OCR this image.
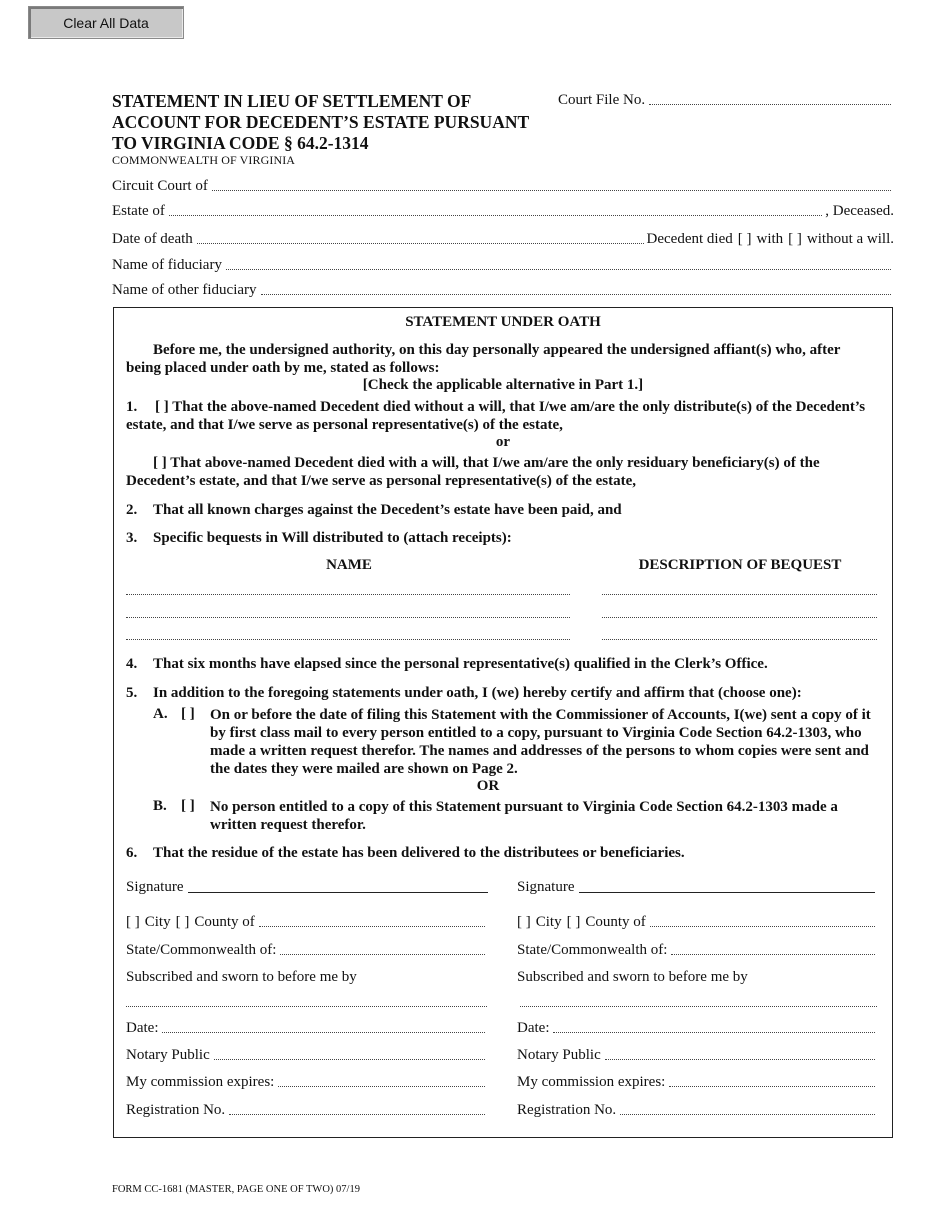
Clear All Data
STATEMENT IN LIEU OF SETTLEMENT OF ACCOUNT FOR DECEDENT’S ESTATE PURSUANT TO VIRGINIA CODE § 64.2-1314
COMMONWEALTH OF VIRGINIA
Court File No.
Circuit Court of
Estate of	, Deceased.
Date of death	Decedent died [ ] with [ ] without a will.
Name of fiduciary
Name of other fiduciary
STATEMENT UNDER OATH
Before me, the undersigned authority, on this day personally appeared the undersigned affiant(s) who, after being placed under oath by me, stated as follows:
[Check the applicable alternative in Part 1.]
1. [ ] That the above-named Decedent died without a will, that I/we am/are the only distribute(s) of the Decedent’s estate, and that I/we serve as personal representative(s) of the estate,
or
[ ] That above-named Decedent died with a will, that I/we am/are the only residuary beneficiary(s) of the Decedent’s estate, and that I/we serve as personal representative(s) of the estate,
2. That all known charges against the Decedent’s estate have been paid, and
3. Specific bequests in Will distributed to (attach receipts):
NAME	DESCRIPTION OF BEQUEST
4. That six months have elapsed since the personal representative(s) qualified in the Clerk’s Office.
5. In addition to the foregoing statements under oath, I (we) hereby certify and affirm that (choose one):
A. [ ] On or before the date of filing this Statement with the Commissioner of Accounts, I(we) sent a copy of it by first class mail to every person entitled to a copy, pursuant to Virginia Code Section 64.2-1303, who made a written request therefor. The names and addresses of the persons to whom copies were sent and the dates they were mailed are shown on Page 2.
OR
B. [ ] No person entitled to a copy of this Statement pursuant to Virginia Code Section 64.2-1303 made a written request therefor.
6. That the residue of the estate has been delivered to the distributees or beneficiaries.
Signature
[ ] City [ ] County of
State/Commonwealth of:
Subscribed and sworn to before me by
Date:
Notary Public
My commission expires:
Registration No.
Signature
[ ] City [ ] County of
State/Commonwealth of:
Subscribed and sworn to before me by
Date:
Notary Public
My commission expires:
Registration No.
FORM CC-1681 (MASTER, PAGE ONE OF TWO) 07/19
